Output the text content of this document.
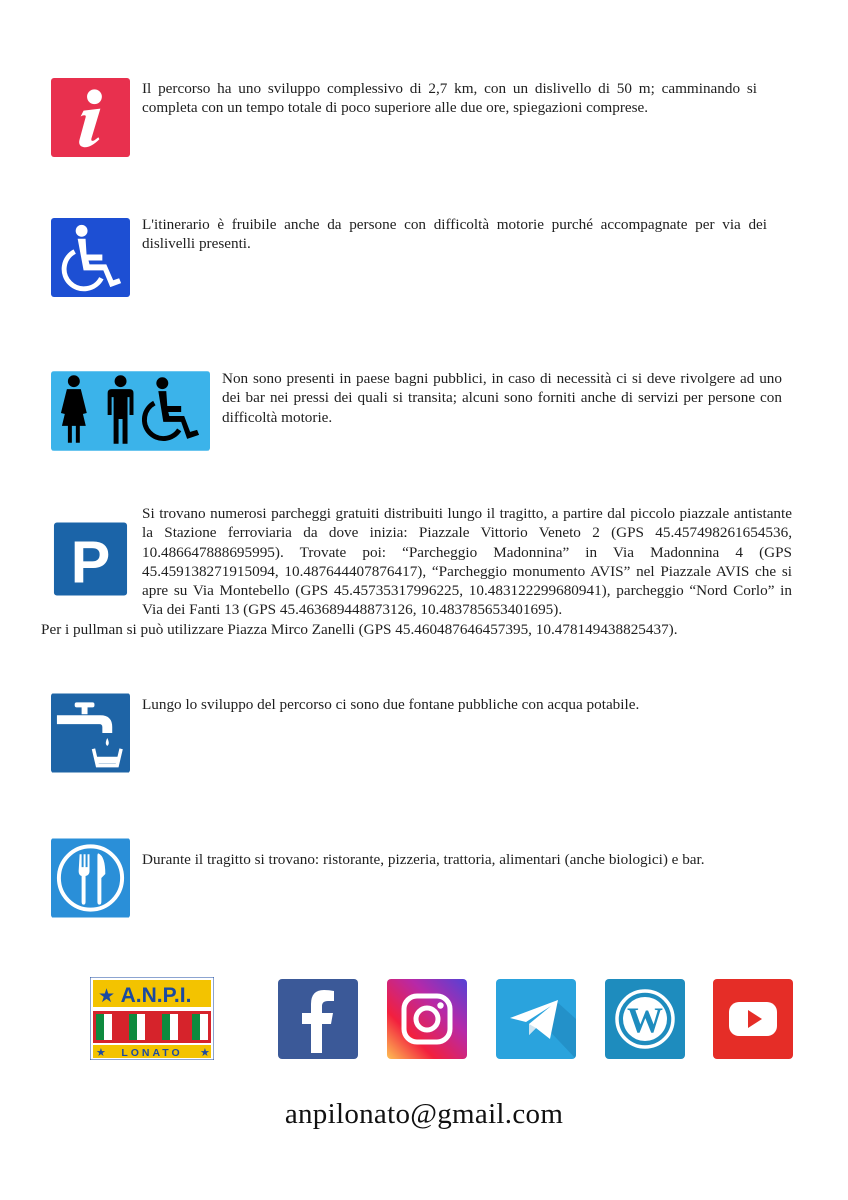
Il percorso ha uno sviluppo complessivo di 2,7 km, con un dislivello di 50 m; camminando si completa con un tempo totale di poco superiore alle due ore, spiegazioni comprese.
L'itinerario è fruibile anche da persone con difficoltà motorie purché accompagnate per via dei dislivelli presenti.
Non sono presenti in paese bagni pubblici, in caso di necessità ci si deve rivolgere ad uno dei bar nei pressi dei quali si transita; alcuni sono forniti anche di servizi per persone con difficoltà motorie.
P
Si trovano numerosi parcheggi gratuiti distribuiti lungo il tragitto, a partire dal piccolo piazzale antistante la Stazione ferroviaria da dove inizia: Piazzale Vittorio Veneto 2 (GPS 45.457498261654536, 10.486647888695995). Trovate poi: “Parcheggio Madonnina” in Via Madonnina 4 (GPS 45.459138271915094, 10.487644407876417), “Parcheggio monumento AVIS” nel Piazzale AVIS che si apre su Via Montebello (GPS 45.45735317996225, 10.483122299680941), parcheggio “Nord Corlo” in Via dei Fanti 13 (GPS 45.463689448873126, 10.483785653401695).
Per i pullman si può utilizzare Piazza Mirco Zanelli (GPS 45.460487646457395, 10.478149438825437).
Lungo lo sviluppo del percorso ci sono due fontane pubbliche con acqua potabile.
Durante il tragitto si trovano: ristorante, pizzeria, trattoria, alimentari (anche biologici) e bar.
★ A.N.P.I.
★ LONATO ★
W
anpilonato@gmail.com
